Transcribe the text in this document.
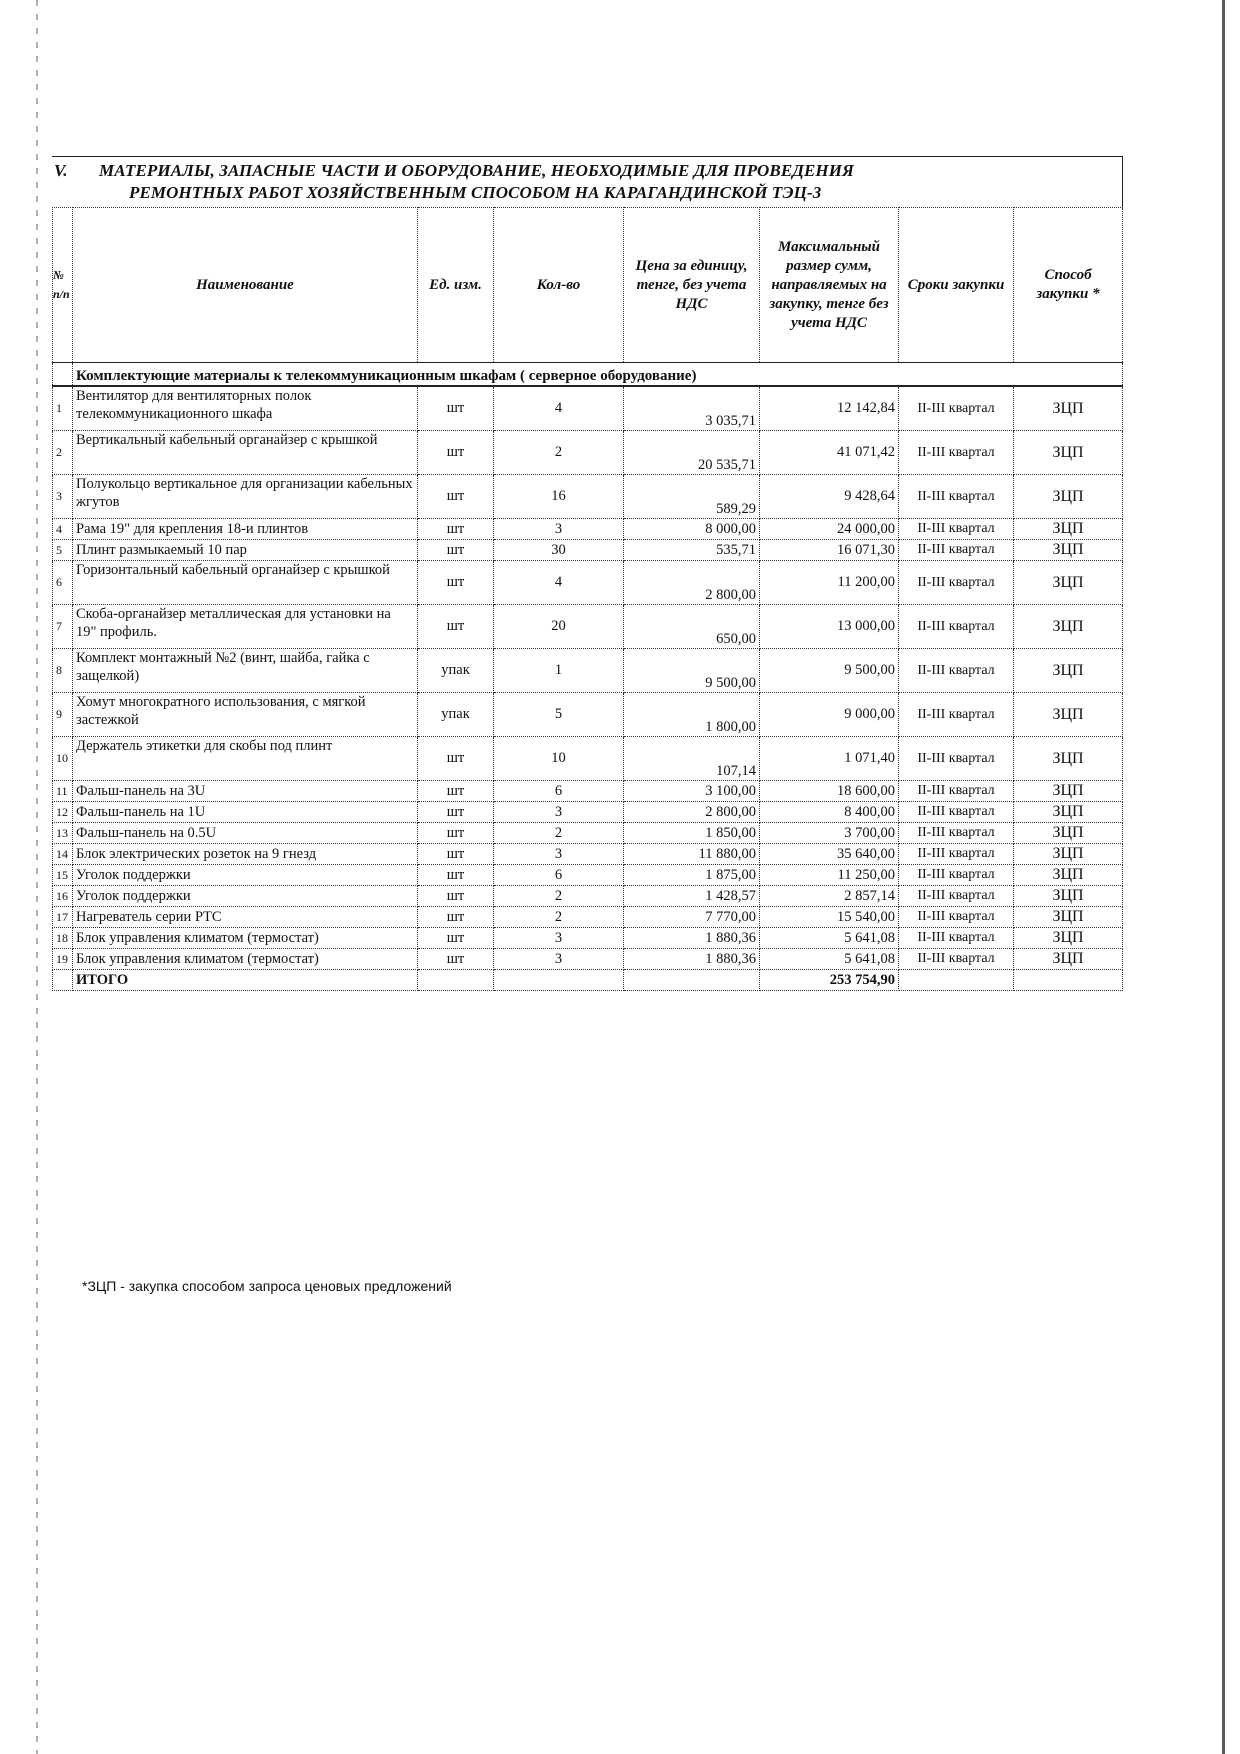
V. МАТЕРИАЛЫ, ЗАПАСНЫЕ ЧАСТИ И ОБОРУДОВАНИЕ, НЕОБХОДИМЫЕ ДЛЯ ПРОВЕДЕНИЯ
РЕМОНТНЫХ РАБОТ ХОЗЯЙСТВЕННЫМ СПОСОБОМ НА КАРАГАНДИНСКОЙ ТЭЦ-3
№ п/п	Наименование	Ед. изм.	Кол-во	Цена за единицу, тенге, без учета НДС	Максимальный размер сумм, направляемых на закупку, тенге без учета НДС	Сроки закупки	Способ закупки *
	Комплектующие материалы к телекоммуникационным шкафам ( серверное оборудование)						
1	Вентилятор для вентиляторных полок телекоммуникационного шкафа	шт	4	3 035,71	12 142,84	II-III квартал	ЗЦП
2	Вертикальный кабельный органайзер с крышкой	шт	2	20 535,71	41 071,42	II-III квартал	ЗЦП
3	Полукольцо вертикальное для организации кабельных жгутов	шт	16	589,29	9 428,64	II-III квартал	ЗЦП
4	Рама 19" для крепления 18-и плинтов	шт	3	8 000,00	24 000,00	II-III квартал	ЗЦП
5	Плинт размыкаемый 10 пар	шт	30	535,71	16 071,30	II-III квартал	ЗЦП
6	Горизонтальный кабельный органайзер с крышкой	шт	4	2 800,00	11 200,00	II-III квартал	ЗЦП
7	Скоба-органайзер металлическая для установки на 19" профиль.	шт	20	650,00	13 000,00	II-III квартал	ЗЦП
8	Комплект монтажный №2 (винт, шайба, гайка с защелкой)	упак	1	9 500,00	9 500,00	II-III квартал	ЗЦП
9	Хомут многократного использования, с мягкой застежкой	упак	5	1 800,00	9 000,00	II-III квартал	ЗЦП
10	Держатель этикетки для скобы под плинт	шт	10	107,14	1 071,40	II-III квартал	ЗЦП
11	Фальш-панель на 3U	шт	6	3 100,00	18 600,00	II-III квартал	ЗЦП
12	Фальш-панель на 1U	шт	3	2 800,00	8 400,00	II-III квартал	ЗЦП
13	Фальш-панель на 0.5U	шт	2	1 850,00	3 700,00	II-III квартал	ЗЦП
14	Блок электрических розеток на 9 гнезд	шт	3	11 880,00	35 640,00	II-III квартал	ЗЦП
15	Уголок поддержки	шт	6	1 875,00	11 250,00	II-III квартал	ЗЦП
16	Уголок поддержки	шт	2	1 428,57	2 857,14	II-III квартал	ЗЦП
17	Нагреватель серии PTC	шт	2	7 770,00	15 540,00	II-III квартал	ЗЦП
18	Блок управления климатом (термостат)	шт	3	1 880,36	5 641,08	II-III квартал	ЗЦП
19	Блок управления климатом (термостат)	шт	3	1 880,36	5 641,08	II-III квартал	ЗЦП
	ИТОГО				253 754,90		
*ЗЦП - закупка способом запроса ценовых предложений
